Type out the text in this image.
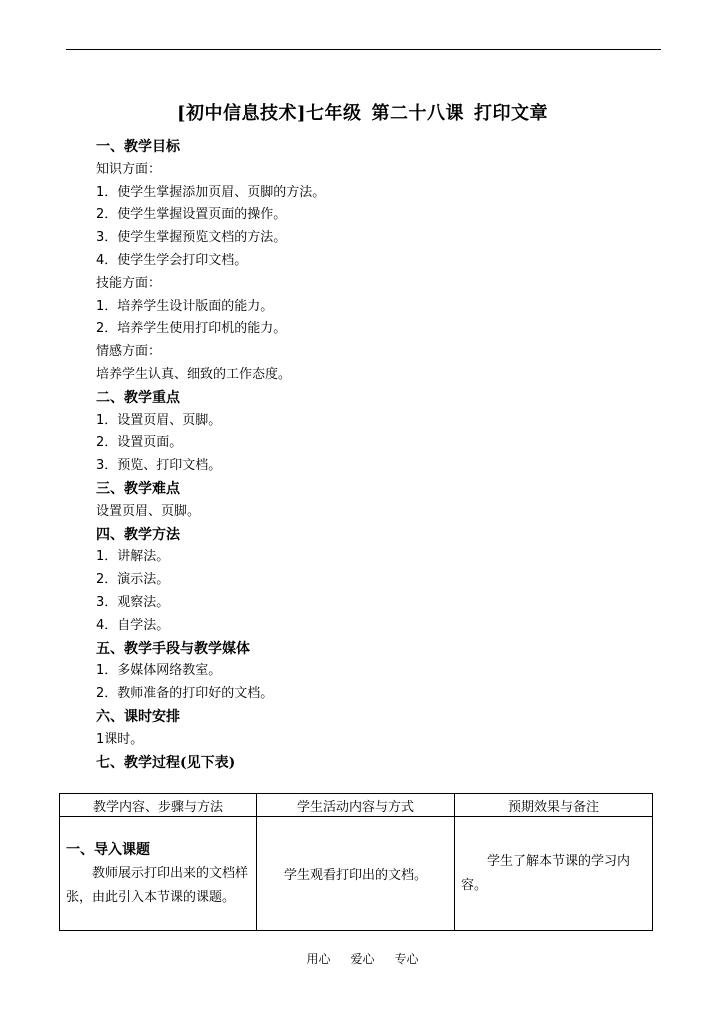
[初中信息技术]七年级 第二十八课 打印文章
一、教学目标
知识方面：
1．使学生掌握添加页眉、页脚的方法。
2．使学生掌握设置页面的操作。
3．使学生掌握预览文档的方法。
4．使学生学会打印文档。
技能方面：
1．培养学生设计版面的能力。
2．培养学生使用打印机的能力。
情感方面：
培养学生认真、细致的工作态度。
二、教学重点
1．设置页眉、页脚。
2．设置页面。
3．预览、打印文档。
三、教学难点
设置页眉、页脚。
四、教学方法
1．讲解法。
2．演示法。
3．观察法。
4．自学法。
五、教学手段与教学媒体
1．多媒体网络教室。
2．教师准备的打印好的文档。
六、课时安排
1课时。
七、教学过程(见下表)
教学内容、步骤与方法	学生活动内容与方式	预期效果与备注

一、导入课题
教师展示打印出来的文档样张，由此引入本节课的课题。	学生观看打印出的文档。	学生了解本节课的学习内容。
用心 爱心 专心
